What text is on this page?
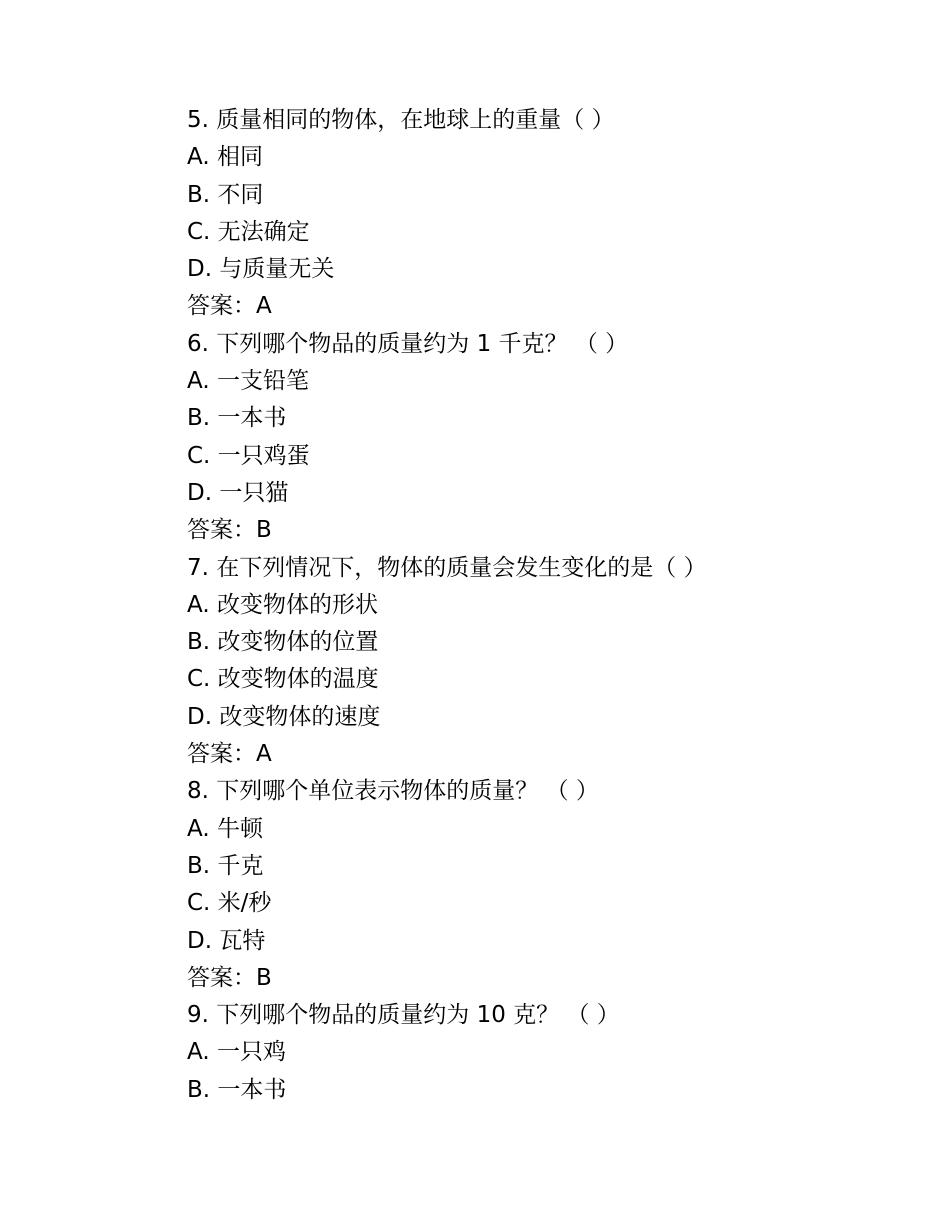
5. 质量相同的物体，在地球上的重量（ ）

A. 相同

B. 不同

C. 无法确定

D. 与质量无关

答案：A

6. 下列哪个物品的质量约为 1 千克？ （ ）

A. 一支铅笔

B. 一本书

C. 一只鸡蛋

D. 一只猫

答案：B

7. 在下列情况下，物体的质量会发生变化的是（ ）

A. 改变物体的形状

B. 改变物体的位置

C. 改变物体的温度

D. 改变物体的速度

答案：A

8. 下列哪个单位表示物体的质量？ （ ）

A. 牛顿

B. 千克

C. 米/秒

D. 瓦特

答案：B

9. 下列哪个物品的质量约为 10 克？ （ ）

A. 一只鸡

B. 一本书
